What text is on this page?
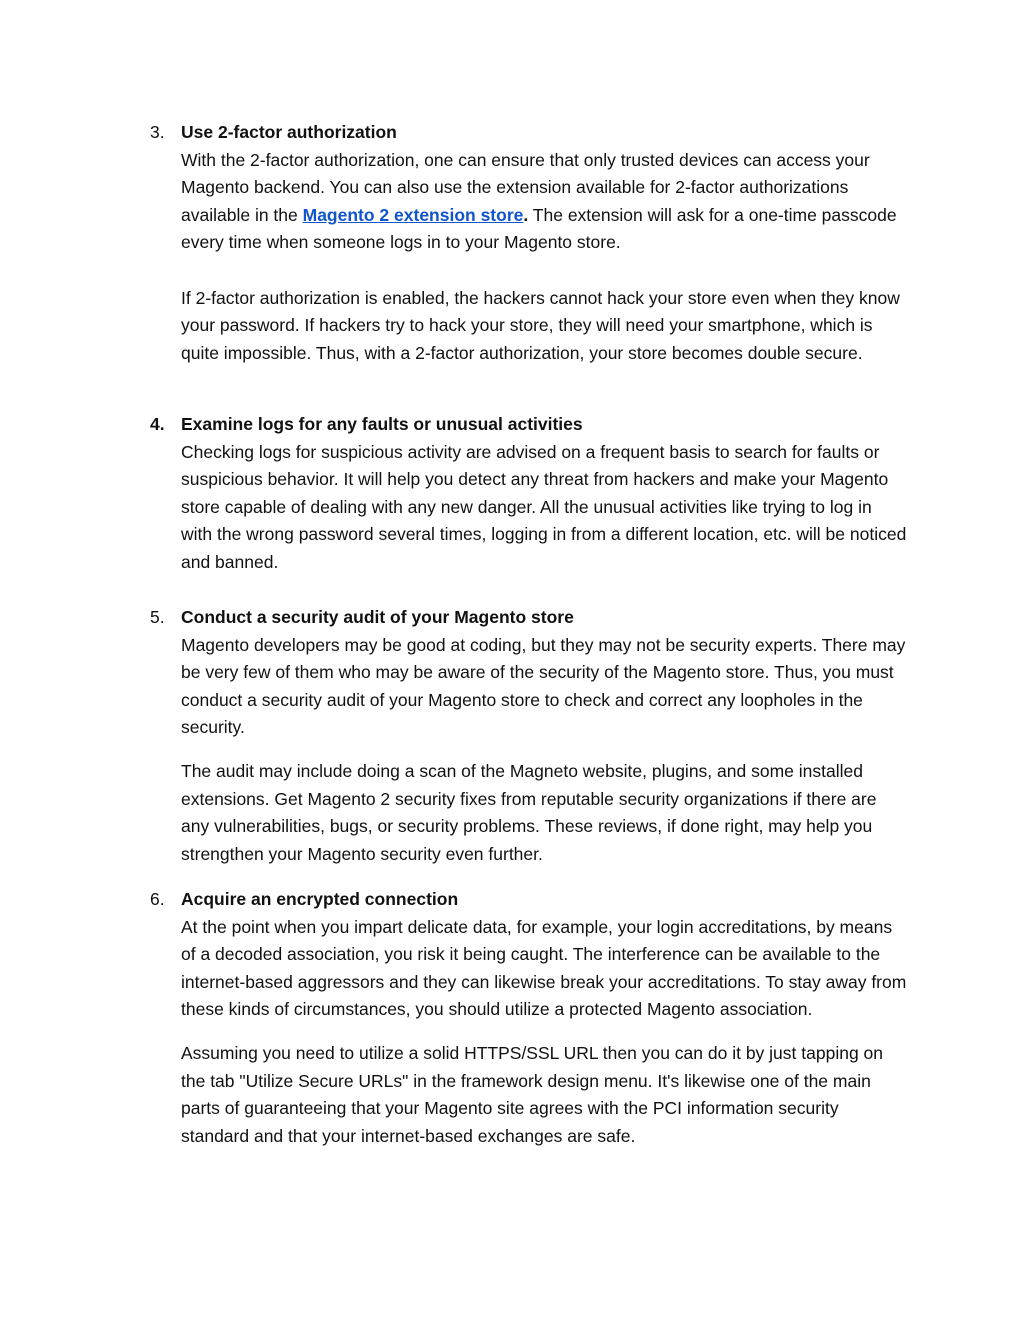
3. Use 2-factor authorization

With the 2-factor authorization, one can ensure that only trusted devices can access your Magento backend. You can also use the extension available for 2-factor authorizations available in the Magento 2 extension store. The extension will ask for a one-time passcode every time when someone logs in to your Magento store.

If 2-factor authorization is enabled, the hackers cannot hack your store even when they know your password. If hackers try to hack your store, they will need your smartphone, which is quite impossible. Thus, with a 2-factor authorization, your store becomes double secure.

4. Examine logs for any faults or unusual activities

Checking logs for suspicious activity are advised on a frequent basis to search for faults or suspicious behavior. It will help you detect any threat from hackers and make your Magento store capable of dealing with any new danger. All the unusual activities like trying to log in with the wrong password several times, logging in from a different location, etc. will be noticed and banned.

5. Conduct a security audit of your Magento store

Magento developers may be good at coding, but they may not be security experts. There may be very few of them who may be aware of the security of the Magento store. Thus, you must conduct a security audit of your Magento store to check and correct any loopholes in the security.

The audit may include doing a scan of the Magneto website, plugins, and some installed extensions. Get Magento 2 security fixes from reputable security organizations if there are any vulnerabilities, bugs, or security problems. These reviews, if done right, may help you strengthen your Magento security even further.

6. Acquire an encrypted connection

At the point when you impart delicate data, for example, your login accreditations, by means of a decoded association, you risk it being caught. The interference can be available to the internet-based aggressors and they can likewise break your accreditations. To stay away from these kinds of circumstances, you should utilize a protected Magento association.

Assuming you need to utilize a solid HTTPS/SSL URL then you can do it by just tapping on the tab "Utilize Secure URLs" in the framework design menu. It's likewise one of the main parts of guaranteeing that your Magento site agrees with the PCI information security standard and that your internet-based exchanges are safe.
